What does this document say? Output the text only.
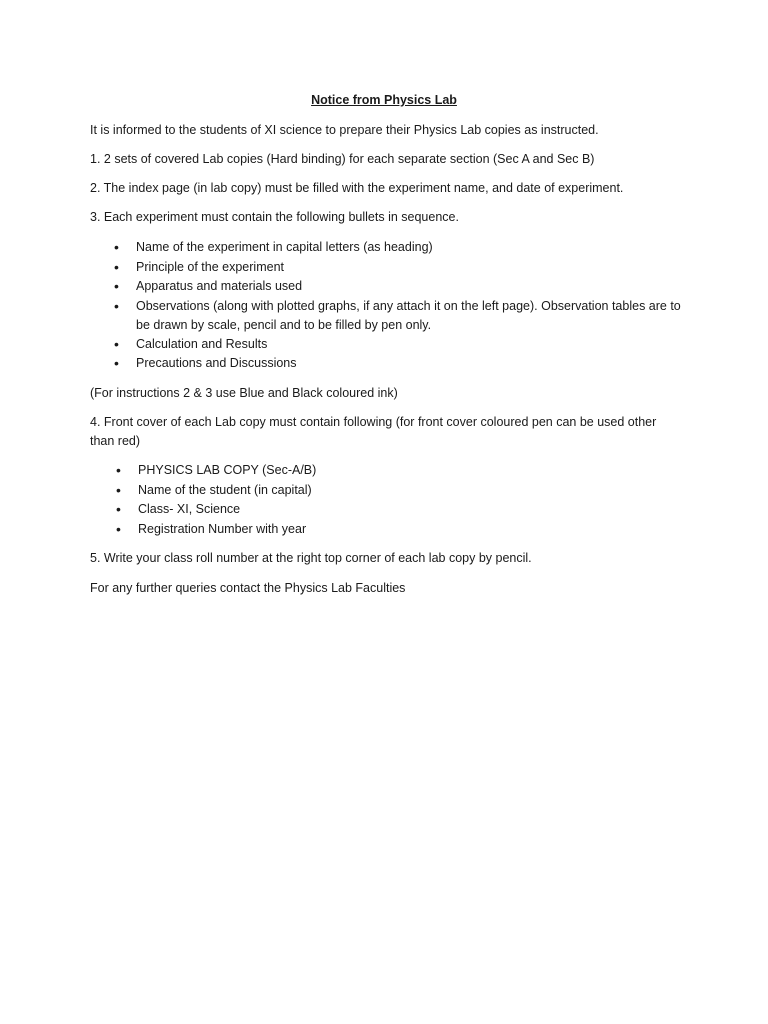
Notice from Physics Lab
It is informed to the students of XI science to prepare their Physics Lab copies as instructed.
1. 2 sets of covered Lab copies (Hard binding) for each separate section (Sec A and Sec B)
2. The index page (in lab copy) must be filled with the experiment name, and date of experiment.
3. Each experiment must contain the following bullets in sequence.
• Name of the experiment in capital letters (as heading)
• Principle of the experiment
• Apparatus and materials used
• Observations (along with plotted graphs, if any attach it on the left page). Observation tables are to be drawn by scale, pencil and to be filled by pen only.
• Calculation and Results
• Precautions and Discussions
(For instructions 2 & 3 use Blue and Black coloured ink)
4. Front cover of each Lab copy must contain following (for front cover coloured pen can be used other than red)
• PHYSICS LAB COPY (Sec-A/B)
• Name of the student (in capital)
• Class- XI, Science
• Registration Number with year
5. Write your class roll number at the right top corner of each lab copy by pencil.
For any further queries contact the Physics Lab Faculties
